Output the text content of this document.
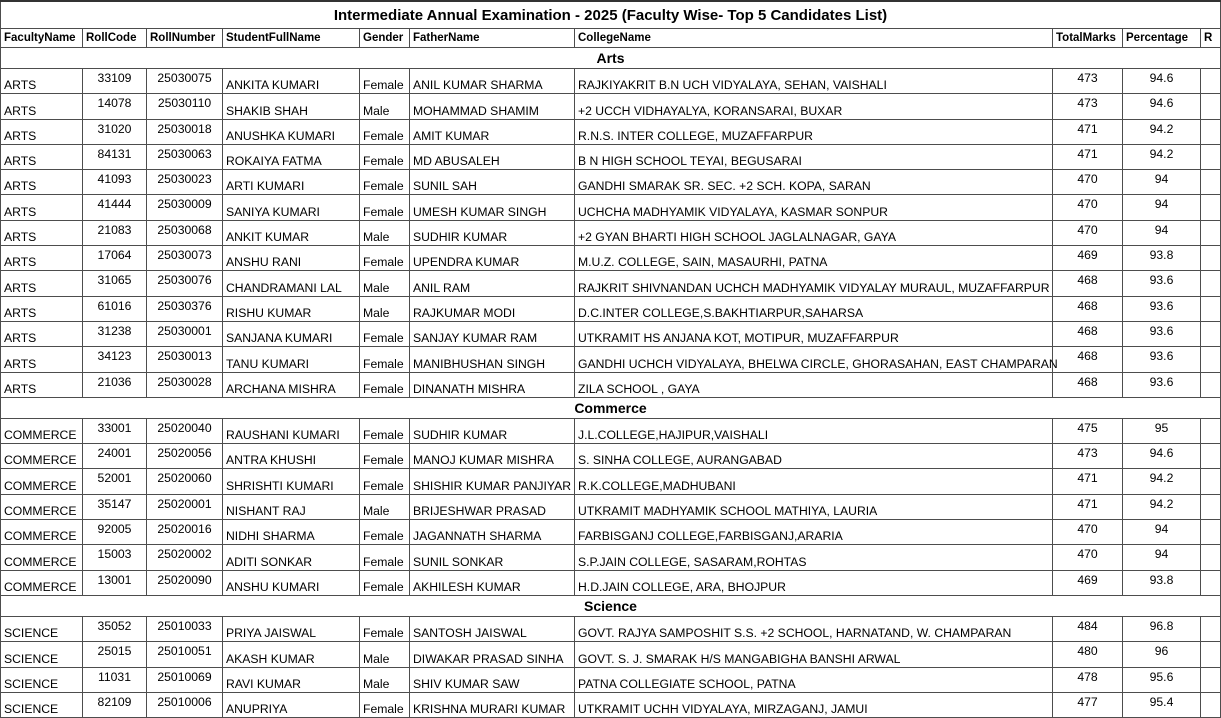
Intermediate Annual Examination - 2025 (Faculty Wise- Top 5 Candidates List)									
FacultyName	RollCode	RollNumber	StudentFullName	Gender	FatherName	CollegeName	TotalMarks	Percentage	R
Arts									
ARTS	33109	25030075	ANKITA KUMARI	Female	ANIL KUMAR SHARMA	RAJKIYAKRIT B.N UCH VIDYALAYA, SEHAN, VAISHALI	473	94.6	
ARTS	14078	25030110	SHAKIB SHAH	Male	MOHAMMAD SHAMIM	+2 UCCH VIDHAYALYA, KORANSARAI, BUXAR	473	94.6	
ARTS	31020	25030018	ANUSHKA KUMARI	Female	AMIT KUMAR	R.N.S. INTER COLLEGE, MUZAFFARPUR	471	94.2	
ARTS	84131	25030063	ROKAIYA FATMA	Female	MD ABUSALEH	B N HIGH SCHOOL TEYAI, BEGUSARAI	471	94.2	
ARTS	41093	25030023	ARTI KUMARI	Female	SUNIL SAH	GANDHI SMARAK SR. SEC. +2 SCH. KOPA, SARAN	470	94	
ARTS	41444	25030009	SANIYA KUMARI	Female	UMESH KUMAR SINGH	UCHCHA MADHYAMIK VIDYALAYA, KASMAR SONPUR	470	94	
ARTS	21083	25030068	ANKIT KUMAR	Male	SUDHIR KUMAR	+2 GYAN BHARTI HIGH SCHOOL JAGLALNAGAR, GAYA	470	94	
ARTS	17064	25030073	ANSHU RANI	Female	UPENDRA KUMAR	M.U.Z. COLLEGE, SAIN, MASAURHI, PATNA	469	93.8	
ARTS	31065	25030076	CHANDRAMANI LAL	Male	ANIL RAM	RAJKRIT SHIVNANDAN UCHCH MADHYAMIK VIDYALAY MURAUL, MUZAFFARPUR	468	93.6	
ARTS	61016	25030376	RISHU KUMAR	Male	RAJKUMAR MODI	D.C.INTER COLLEGE,S.BAKHTIARPUR,SAHARSA	468	93.6	
ARTS	31238	25030001	SANJANA KUMARI	Female	SANJAY KUMAR RAM	UTKRAMIT HS ANJANA KOT, MOTIPUR, MUZAFFARPUR	468	93.6	
ARTS	34123	25030013	TANU KUMARI	Female	MANIBHUSHAN SINGH	GANDHI UCHCH VIDYALAYA, BHELWA CIRCLE, GHORASAHAN, EAST CHAMPARAN	468	93.6	
ARTS	21036	25030028	ARCHANA MISHRA	Female	DINANATH MISHRA	ZILA SCHOOL , GAYA	468	93.6	
Commerce									
COMMERCE	33001	25020040	RAUSHANI KUMARI	Female	SUDHIR KUMAR	J.L.COLLEGE,HAJIPUR,VAISHALI	475	95	
COMMERCE	24001	25020056	ANTRA KHUSHI	Female	MANOJ KUMAR MISHRA	S. SINHA COLLEGE, AURANGABAD	473	94.6	
COMMERCE	52001	25020060	SHRISHTI KUMARI	Female	SHISHIR KUMAR PANJIYAR	R.K.COLLEGE,MADHUBANI	471	94.2	
COMMERCE	35147	25020001	NISHANT RAJ	Male	BRIJESHWAR PRASAD	UTKRAMIT MADHYAMIK SCHOOL MATHIYA, LAURIA	471	94.2	
COMMERCE	92005	25020016	NIDHI SHARMA	Female	JAGANNATH SHARMA	FARBISGANJ COLLEGE,FARBISGANJ,ARARIA	470	94	
COMMERCE	15003	25020002	ADITI SONKAR	Female	SUNIL SONKAR	S.P.JAIN COLLEGE, SASARAM,ROHTAS	470	94	
COMMERCE	13001	25020090	ANSHU KUMARI	Female	AKHILESH KUMAR	H.D.JAIN COLLEGE, ARA, BHOJPUR	469	93.8	
Science									
SCIENCE	35052	25010033	PRIYA JAISWAL	Female	SANTOSH JAISWAL	GOVT. RAJYA SAMPOSHIT S.S. +2 SCHOOL, HARNATAND, W. CHAMPARAN	484	96.8	
SCIENCE	25015	25010051	AKASH KUMAR	Male	DIWAKAR PRASAD SINHA	GOVT. S. J. SMARAK H/S MANGABIGHA BANSHI ARWAL	480	96	
SCIENCE	11031	25010069	RAVI KUMAR	Male	SHIV KUMAR SAW	PATNA COLLEGIATE SCHOOL, PATNA	478	95.6	
SCIENCE	82109	25010006	ANUPRIYA	Female	KRISHNA MURARI KUMAR	UTKRAMIT UCHH VIDYALAYA, MIRZAGANJ, JAMUI	477	95.4	
